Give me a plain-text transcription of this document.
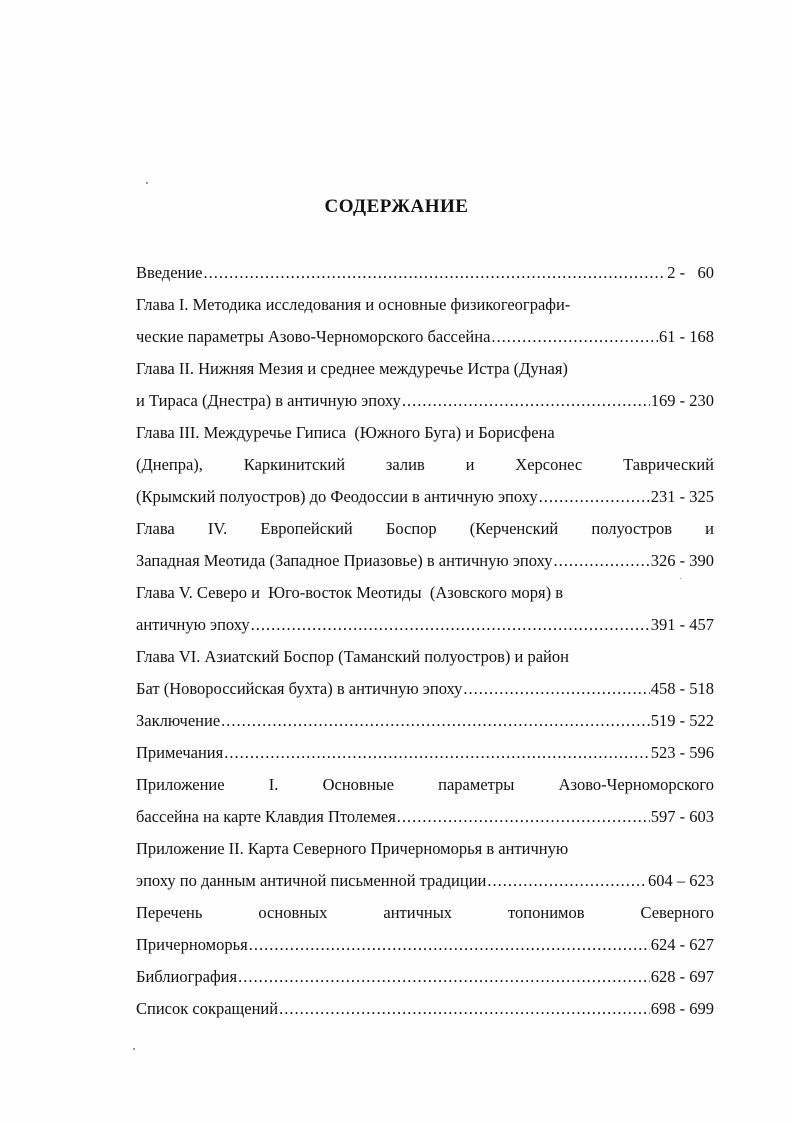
СОДЕРЖАНИЕ
Введение .....	2 -   60
Глава I. Методика исследования и основные физикогеографи-
ческие параметры Азово-Черноморского бассейна .....	61 - 168
Глава II. Нижняя Мезия и среднее междуречье Истра (Дуная)
и Тираса (Днестра) в античную эпоху .....	169 - 230
Глава III. Междуречье Гиписа  (Южного Буга) и Борисфена
(Днепра), Каркинитский залив и Херсонес Таврический
(Крымский полуостров) до Феодоссии в античную эпоху .....	231 - 325
Глава IV. Европейский Боспор (Керченский полуостров и
Западная Меотида (Западное Приазовье) в античную эпоху .....	326 - 390
Глава V. Северо и  Юго-восток Меотиды  (Азовского моря) в
античную эпоху .....	391 - 457
Глава VI. Азиатский Боспор (Таманский полуостров) и район
Бат (Новороссийская бухта) в античную эпоху .....	458 - 518
Заключение .....	519 - 522
Примечания .....	523 - 596
Приложение	I.	Основные	параметры	Азово-Черноморского
бассейна на карте Клавдия Птолемея .....	597 - 603
Приложение II. Карта Северного Причерноморья в античную
эпоху по данным античной письменной традиции .....	604 – 623
Перечень	основных	античных	топонимов	Северного
Причерноморья .....	624 - 627
Библиография .....	628 - 697
Список сокращений .....	698 - 699
